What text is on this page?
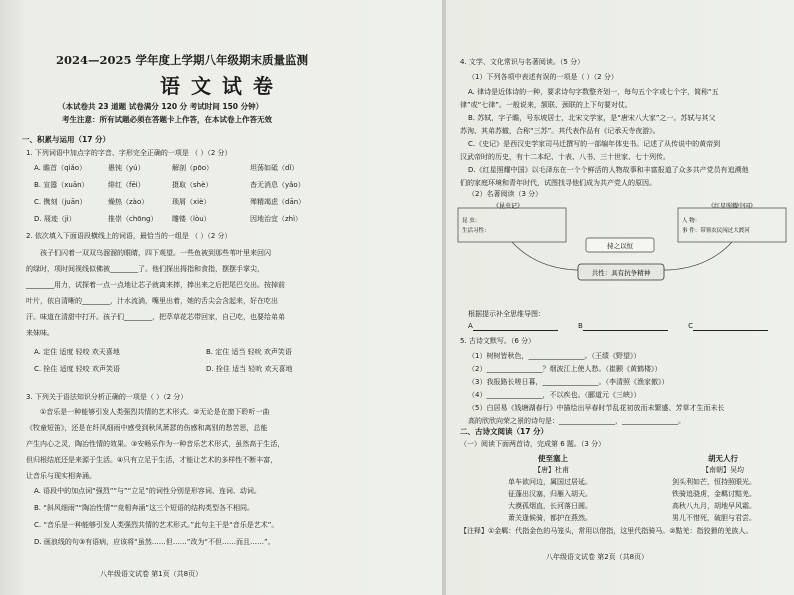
2024—2025 学年度上学期八年级期末质量监测
语 文 试 卷
（本试卷共 23 道题 试卷满分 120 分 考试时间 150 分钟）
考生注意：所有试题必须在答题卡上作答，在本试卷上作答无效
一、积累与运用（17 分）
1. 下列词语中加点字的字音、字形完全正确的一项是 （ ）（2 分）
A. 瞻首（qiǎo）	愚钝（yú）	解剖（pōo）	坦荡如砥（dǐ）
B. 宣嚣（xuān）	绯红（fēi）	摄取（shè）	杳无消息（yǎo）
C. 镌刻（juān）	燥热（zào）	琐屑（xiè）	殚精竭虑（dān）
D. 屐迹（jì）	推崇（chōng） 雕镂（lòu）	因地治宜（zhì）
2. 依次填入下面语段横线上的词语，最恰当的一组是 （ ）（2 分）
孩子们闪着一双双乌溜溜的眼睛，四下观望。一些鱼被到那些苇叶里来回闪
的绿时，项时间视线似佛被________了。他们探出拇指和食指，摆摆手掌尖，
________用力，试探着一点一点地让芯子就离来摔，捧出来之后把尾巴交出。按掉前
叶片，依自清晰的________，汁水流淌，嘴里出着，她的舌尖会含起来，好在吃出
汗。味道在清甜中打开。孩子们________，把萃草花芯带回家，自己吃，也要给弟弟
来妹味。
A. 定住 适度 轻咬 欢天喜地	B. 定住 适当 轻吮 欢声笑语
C. 拴住 适度 轻咬 欢声笑语	D. 拴住 适当 轻吮 欢天喜地
3. 下列关于语法知识分析正确的一项是（ ）（2 分）
①音乐是一种能够引发人类强烈共情的艺术形式。②无论是在窗下聆听一曲
《牧童短笛》，还是在纤风细雨中感受到秋风萧瑟的伤感和离别的愁苦思，总能
产生内心之灵，陶冶性情的效果。③安畅乐作为一种音乐艺术形式，虽然高于生活，
但归根结底还是来源于生活。④只有立足于生活，才能让艺术的多样性不断丰富，
让音乐与现实相奔涌。
A. 语段中的加点词“强烈”“与”“立足”的词性分别是形容词、连词、动词。
B. “斜风细雨”“陶冶性情”“竞相奔涌”这三个短语的结构类型各不相同。
C. “音乐是一种能够引发人类强烈共情的艺术形式。”此句主干是“音乐是艺术”。
D. 画浪线的句③有语病，应该将“虽然……但……”改为“不但……而且……”。
八年级语文试卷 第1页（共8页）
4. 文学、文化常识与名著阅读。（5 分）
（1）下列各项中表述有误的一项是（ ）（2 分）
A. 律诗是近体诗的一种，要求诗句字数整齐划一，每句五个字或七个字，简称“五
律”或“七律”。一般说来，颔联、颈联的上下句要对仗。
B. 苏轼，字子瞻，号东坡居士，北宋文学家，是“唐宋八大家”之一。苏轼与其父
苏洵、其弟苏辙，合称“三苏”。其代表作品有《记承天寺夜游》。
C.《史记》是西汉史学家司马迁撰写的一部编年体史书。记述了从传说中的黄帝到
汉武帝时的历史，有十二本纪、十表、八书、三十世家、七十列传。
D.《红星照耀中国》以毛泽东在一个个鲜活的人物故事和丰富报道了众多共产党员有追溯他
们的家庭环境和青年时代，试图找寻他们成为共产党人的原因。
（2）名著阅读（3 分）
《昆虫记》
昆 虫：
生活习性：
《红星照耀中国》
人 物：
事 件：带领农民闯过大渡河
持之以恒
共性：具有抗争精神
根据提示补全思维导图：
A	B	C
5. 古诗文默写。（6 分）
（1）树树皆秋色，________________。（王绩《野望》）
（2）________________？烟波江上使人愁。（崔颢《黄鹤楼》）
（3）我报路长嗟日暮，________________。（李清照《渔家傲》）
（4）________________，不以疾也。（郦道元《三峡》）
（5）白居易《钱塘湖春行》中描绘出早春时节乱花初放而未繁盛、芳草才生而未长
高的欣欣向荣之景的诗句是：________________，________________。
二、古诗文阅读（17 分）
（一）阅读下面两首诗，完成第 6 题。（3 分）
使至塞上
【唐】杜甫
单车欲问边，属国过居延。
征蓬出汉塞，归雁入胡天。
大漠孤烟直，长河落日圆。
萧关逢候骑，都护在燕然。
胡无人行
【南朝】吴均
剑头利如芒，恒持照眼光。
铁骑追骁虏，金羁讨黠羌。
高秋八九月，胡地早风霜。
男儿不惜死，破胆与君尝。
【注释】①金羁：代指金色的马笼头，常用以借指，这里代指骑马。②黠羌：指狡猾的羌族人。
八年级语文试卷 第2页（共8页）
